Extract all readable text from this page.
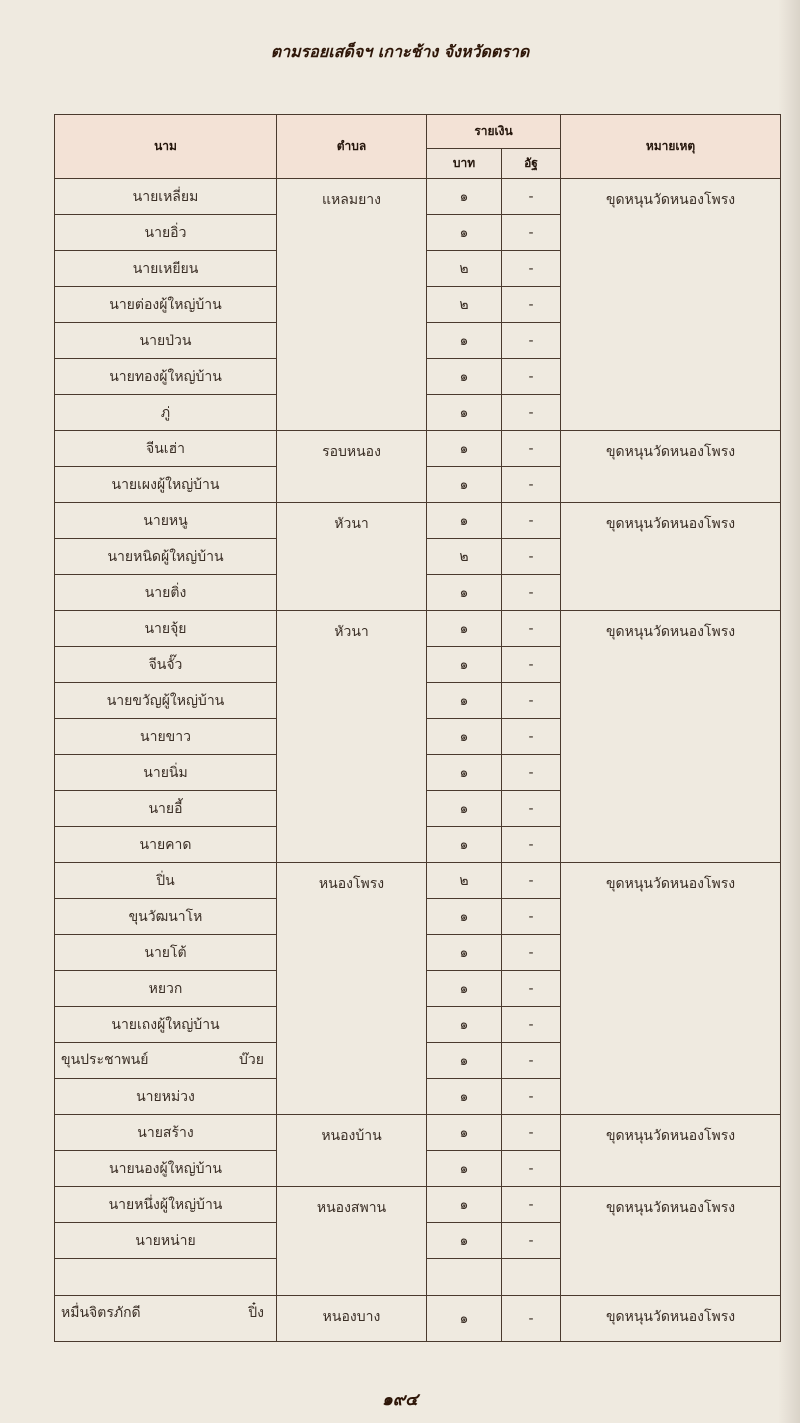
ตามรอยเสด็จฯ เกาะช้าง จังหวัดตราด
นาม	ตำบล	รายเงิน		หมายเหตุ
		บาท	อัฐ	
นายเหลี่ยม	แหลมยาง	๑	-	ขุดหนุนวัดหนองโพรง
นายอิ่ว		๑	-	
นายเหยียน		๒	-	
นายต่องผู้ใหญ่บ้าน		๒	-	
นายป่วน		๑	-	
นายทองผู้ใหญ่บ้าน		๑	-	
ภู่		๑	-	
จีนเฮ่า	รอบหนอง	๑	-	ขุดหนุนวัดหนองโพรง
นายเผงผู้ใหญ่บ้าน		๑	-	
นายหนู	หัวนา	๑	-	ขุดหนุนวัดหนองโพรง
นายหนิดผู้ใหญ่บ้าน		๒	-	
นายติ่ง		๑	-	
นายจุ้ย	หัวนา	๑	-	ขุดหนุนวัดหนองโพรง
จีนจั๊ว		๑	-	
นายขวัญผู้ใหญ่บ้าน		๑	-	
นายขาว		๑	-	
นายนิ่ม		๑	-	
นายอี้		๑	-	
นายคาด		๑	-	
ปิ่น	หนองโพรง	๒	-	ขุดหนุนวัดหนองโพรง
ขุนวัฒนาโห		๑	-	
นายโต้		๑	-	
หยวก		๑	-	
นายเถงผู้ใหญ่บ้าน		๑	-	

ขุนประชาพนย์ บ๊วย		๑	-	
นายหม่วง		๑	-	
นายสร้าง	หนองบ้าน	๑	-	ขุดหนุนวัดหนองโพรง
นายนองผู้ใหญ่บ้าน		๑	-	
นายหนึ่งผู้ใหญ่บ้าน	หนองสพาน	๑	-	ขุดหนุนวัดหนองโพรง
นายหน่าย		๑	-	

หมื่นจิตรภักดี ปิ๋ง	หนองบาง	๑	-	ขุดหนุนวัดหนองโพรง
๑๙๔
